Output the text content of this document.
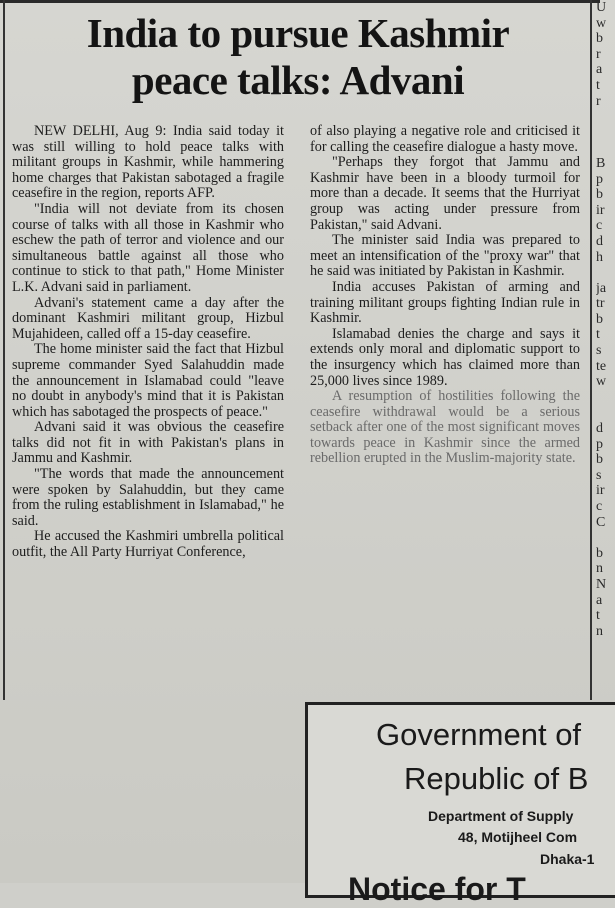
India to pursue Kashmir
peace talks: Advani

NEW DELHI, Aug 9: India said today it was still willing to hold peace talks with militant groups in Kashmir, while hammering home charges that Pakistan sabotaged a fragile ceasefire in the region, reports AFP.

"India will not deviate from its chosen course of talks with all those in Kashmir who eschew the path of terror and violence and our simultaneous battle against all those who continue to stick to that path," Home Minister L.K. Advani said in parliament.

Advani's statement came a day after the dominant Kashmiri militant group, Hizbul Mujahideen, called off a 15-day ceasefire.

The home minister said the fact that Hizbul supreme commander Syed Salahuddin made the announcement in Islamabad could "leave no doubt in anybody's mind that it is Pakistan which has sabotaged the prospects of peace."

Advani said it was obvious the ceasefire talks did not fit in with Pakistan's plans in Jammu and Kashmir.

"The words that made the announcement were spoken by Salahuddin, but they came from the ruling establishment in Islamabad," he said.

He accused the Kashmiri umbrella political outfit, the All Party Hurriyat Conference,

of also playing a negative role and criticised it for calling the ceasefire dialogue a hasty move.

"Perhaps they forgot that Jammu and Kashmir have been in a bloody turmoil for more than a decade. It seems that the Hurriyat group was acting under pressure from Pakistan," said Advani.

The minister said India was prepared to meet an intensification of the "proxy war" that he said was initiated by Pakistan in Kashmir.

India accuses Pakistan of arming and training militant groups fighting Indian rule in Kashmir.

Islamabad denies the charge and says it extends only moral and diplomatic support to the insurgency which has claimed more than 25,000 lives since 1989.

A resumption of hostilities following the ceasefire withdrawal would be a serious setback after one of the most significant moves towards peace in Kashmir since the armed rebellion erupted in the Muslim-majority state.

U
w
b
r
a
t
r
B
p
b
ir
c
d
h
ja
tr
b
t
s
te
w
d
p
b
s
ir
c
C
b
n
N
a
t
n
Government of
Republic of B
Department of Supply
48, Motijheel Com
Dhaka-1
Notice for T
